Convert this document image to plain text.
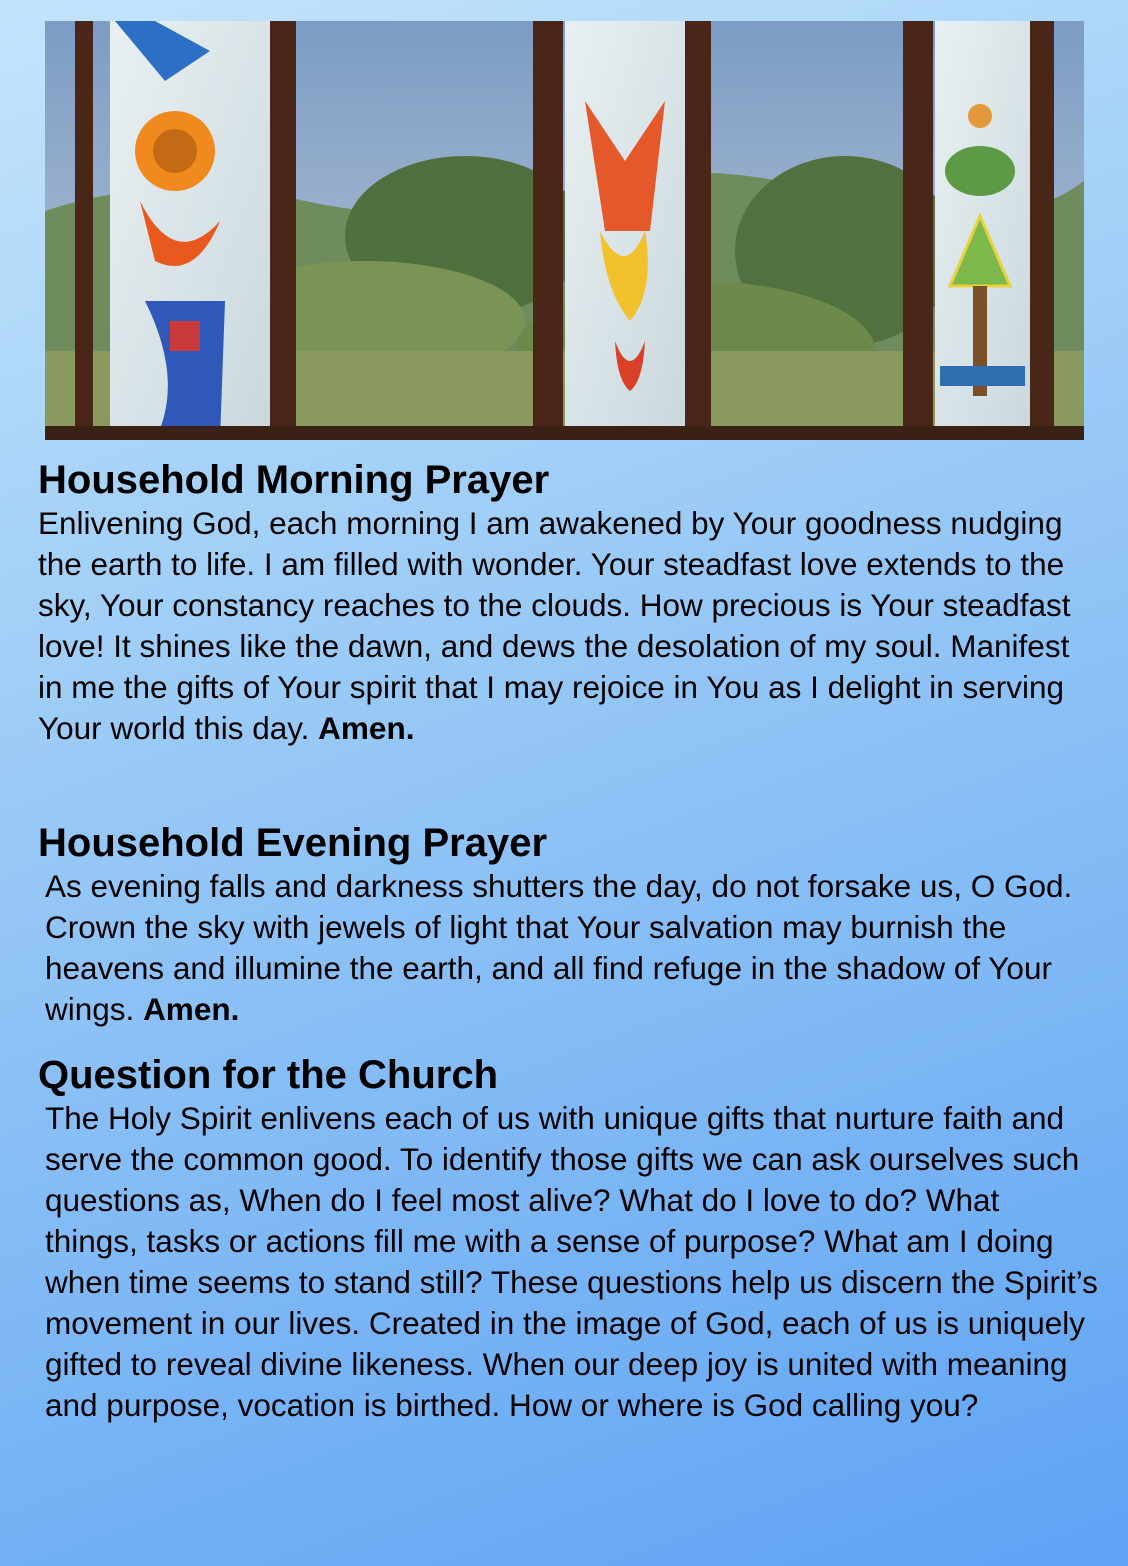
Household Morning Prayer

Enlivening God, each morning I am awakened by Your goodness nudging the earth to life. I am filled with wonder. Your steadfast love extends to the sky, Your constancy reaches to the clouds. How precious is Your steadfast love! It shines like the dawn, and dews the desolation of my soul. Manifest in me the gifts of Your spirit that I may rejoice in You as I delight in serving Your world this day. Amen.

Household Evening Prayer

As evening falls and darkness shutters the day, do not forsake us, O God. Crown the sky with jewels of light that Your salvation may burnish the heavens and illumine the earth, and all find refuge in the shadow of Your wings. Amen.

Question for the Church

The Holy Spirit enlivens each of us with unique gifts that nurture faith and serve the common good. To identify those gifts we can ask ourselves such questions as, When do I feel most alive? What do I love to do? What things, tasks or actions fill me with a sense of purpose? What am I doing when time seems to stand still? These questions help us discern the Spirit’s movement in our lives. Created in the image of God, each of us is uniquely gifted to reveal divine likeness. When our deep joy is united with meaning and purpose, vocation is birthed. How or where is God calling you?
